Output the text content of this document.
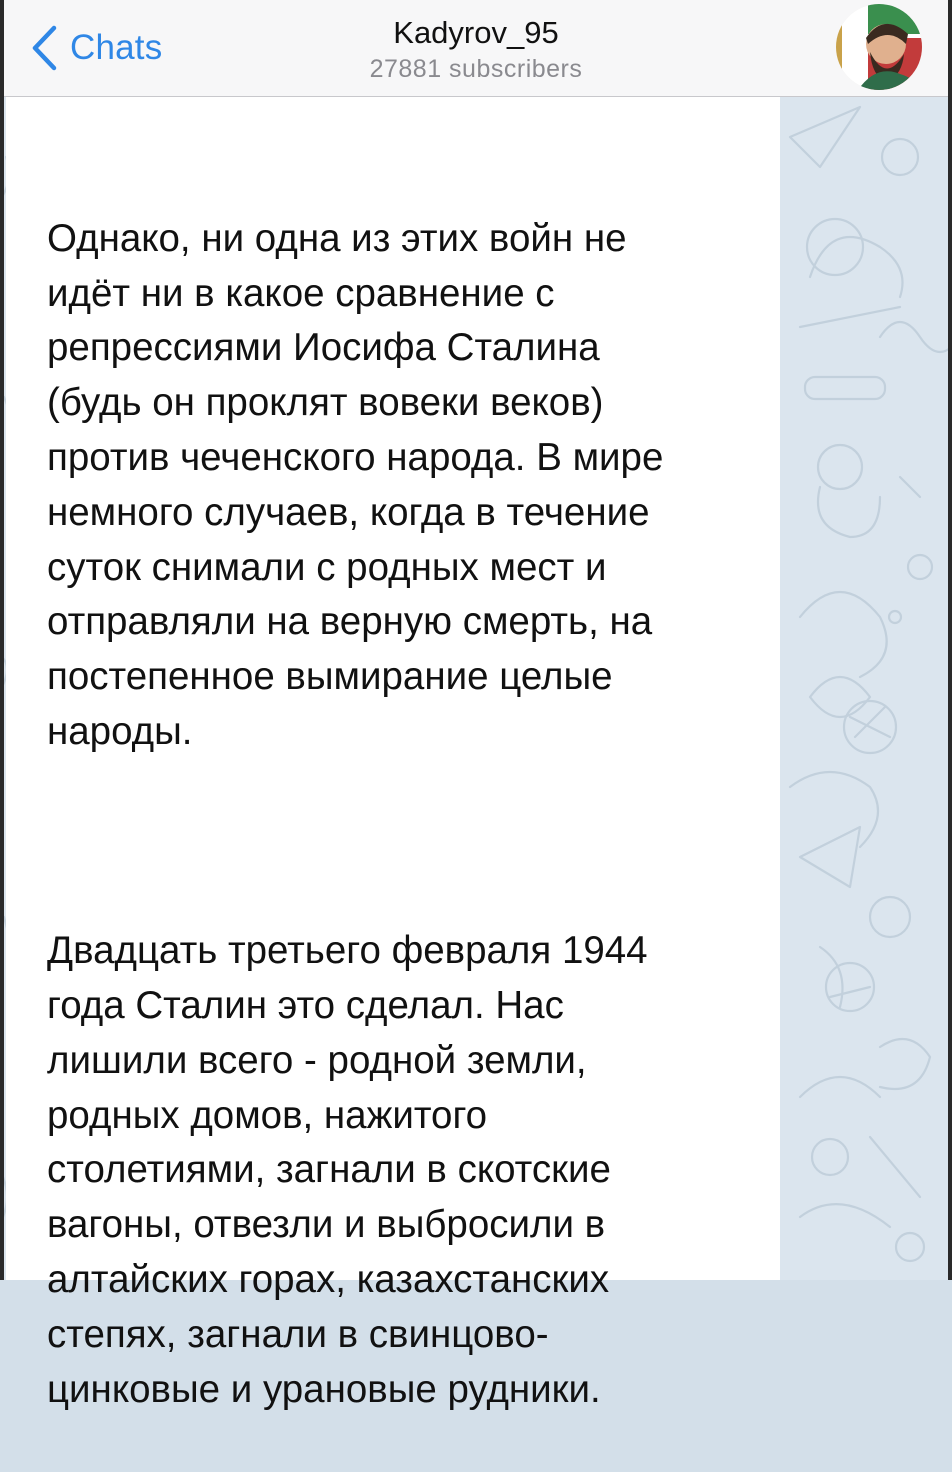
Chats	Kadyrov_95
27881 subscribers

Однако, ни одна из этих войн не
идёт ни в какое сравнение с
репрессиями Иосифа Сталина
(будь он проклят вовеки веков)
против чеченского народа. В мире
немного случаев, когда в течение
суток снимали с родных мест и
отправляли на верную смерть, на
постепенное вымирание целые
народы.

Двадцать третьего февраля 1944
года Сталин это сделал. Нас
лишили всего - родной земли,
родных домов, нажитого
столетиями, загнали в скотские
вагоны, отвезли и выбросили в
алтайских горах, казахстанских
степях, загнали в свинцово-
цинковые и урановые рудники.
